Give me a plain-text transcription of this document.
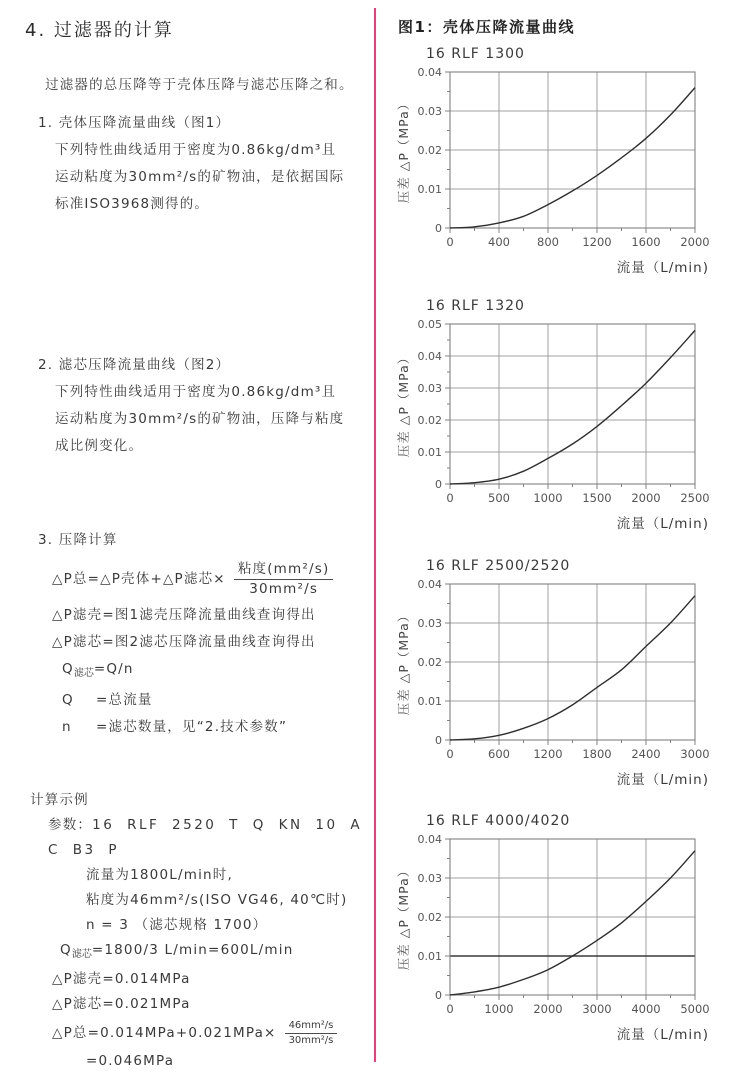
4. 过滤器的计算
过滤器的总压降等于壳体压降与滤芯压降之和。
1. 壳体压降流量曲线（图1）
下列特性曲线适用于密度为0.86kg/dm³且
运动粘度为30mm²/s的矿物油，是依据国际
标准ISO3968测得的。
2. 滤芯压降流量曲线（图2）
下列特性曲线适用于密度为0.86kg/dm³且
运动粘度为30mm²/s的矿物油，压降与粘度
成比例变化。
3. 压降计算
△P总=△P壳体+△P滤芯× $\frac{\text{粘度(mm²/s)}}{\text{30mm²/s}}$
△P滤壳=图1滤壳压降流量曲线查询得出
△P滤芯=图2滤芯压降流量曲线查询得出
$Q_{滤芯}=Q/n$
Q	=总流量
n	=滤芯数量，见“2.技术参数”
计算示例
参数：16 RLF 2520 T Q KN 10 A C B3 P
流量为1800L/min时,
粘度为46mm²/s(ISO VG46, 40℃时)
n = 3 （滤芯规格 1700）
$Q_{滤芯}=1800/3$ L/min=600L/min
△P滤壳=0.014MPa
△P滤芯=0.021MPa
△P总$=0.014MPa+0.021MPa\times \frac{\text{46mm²/s}}{\text{30mm²/s}}$
=0.046MPa
图1：壳体压降流量曲线
16 RLF 1300
0	400 800 1200 1600 2000
0
0.01
0.02
0.03
0.04
压差 △P（MPa）
流量（L/min)
16 RLF 1320
0	500 1000 1500 2000 2500
0
0.01
0.02
0.03
0.04
0.05
压差 △P（MPa）
流量（L/min)
16 RLF 2500/2520
0	600 1200 1800 2400 3000
0
0.01
0.02
0.03
0.04
压差 △P（MPa）
流量（L/min)
16 RLF 4000/4020
0	1000 2000 3000 4000 5000
0
0.01
0.02
0.03
0.04
压差 △P（MPa）
流量（L/min)
